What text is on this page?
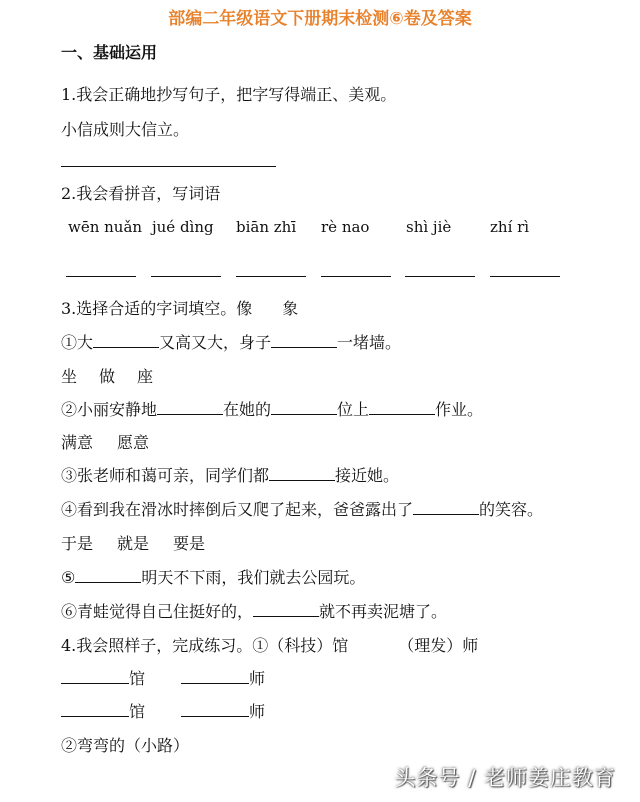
部编二年级语文下册期末检测⑥卷及答案
一、基础运用
1.我会正确地抄写句子，把字写得端正、美观。
小信成则大信立。
2.我会看拼音，写词语
wēn nuǎn jué dìng biān zhī rè nao shì jiè	zhí rì
3.选择合适的字词填空。像 象
①大	又高又大，身子	一堵墙。
坐 做 座
②小丽安静地	在她的	位上	作业。
满意 愿意
③张老师和蔼可亲，同学们都	接近她。
④看到我在滑冰时摔倒后又爬了起来，爸爸露出了	的笑容。
于是 就是 要是
⑤	明天不下雨，我们就去公园玩。
⑥青蛙觉得自己住挺好的，	就不再卖泥塘了。
4.我会照样子，完成练习。①（科技）馆	（理发）师
馆	师
馆	师
②弯弯的（小路）
头条号 / 老师姜庄教育
